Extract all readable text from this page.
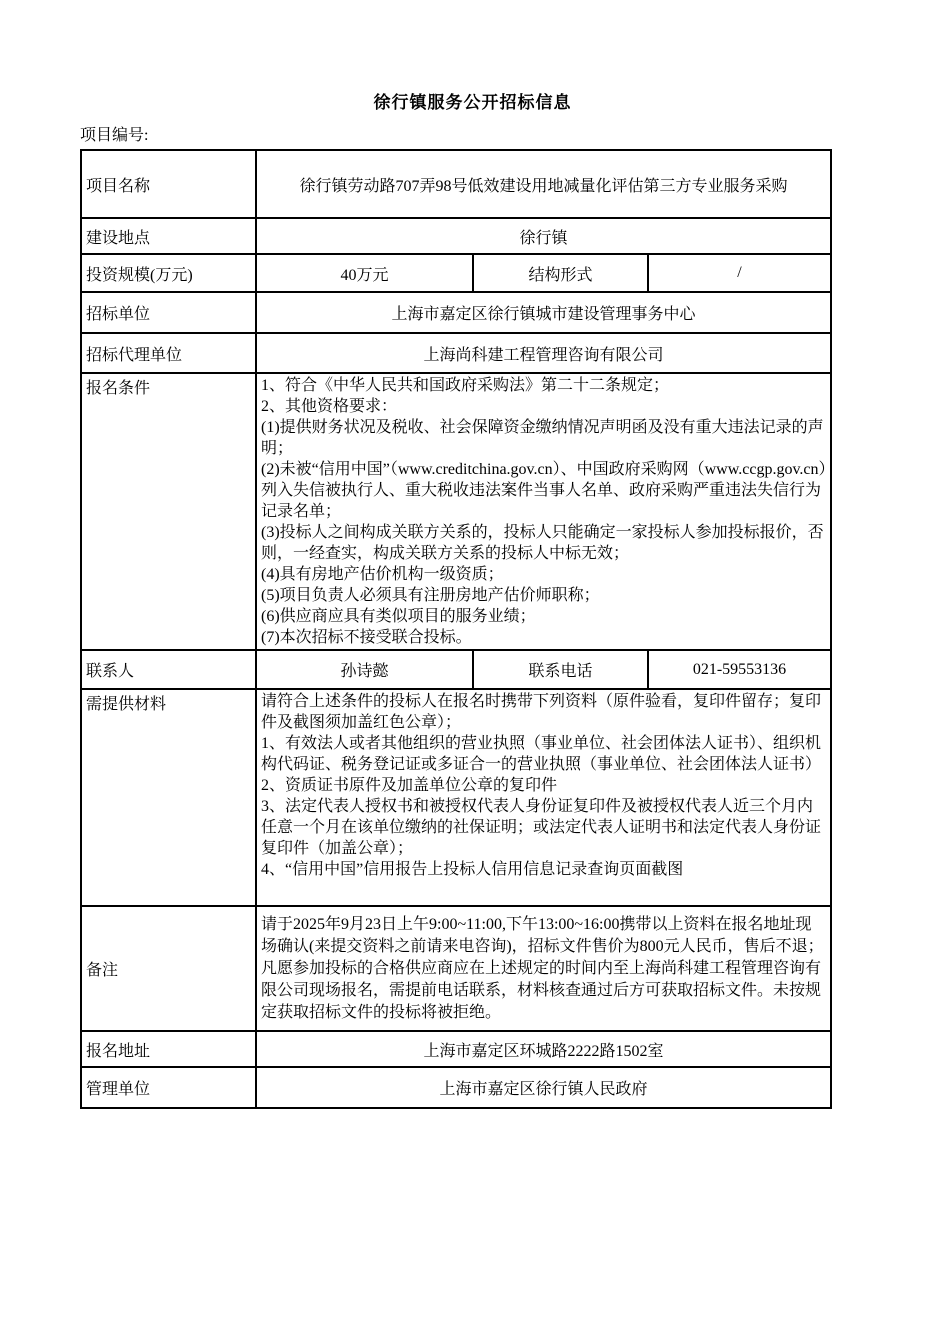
徐行镇服务公开招标信息
项目编号:
项目名称	徐行镇劳动路707弄98号低效建设用地减量化评估第三方专业服务采购		
建设地点	徐行镇		
投资规模(万元)	40万元	结构形式	/
招标单位	上海市嘉定区徐行镇城市建设管理事务中心		
招标代理单位	上海尚科建工程管理咨询有限公司		
报名条件	1、符合《中华人民共和国政府采购法》第二十二条规定；
2、其他资格要求：
(1)提供财务状况及税收、社会保障资金缴纳情况声明函及没有重大违法记录的声明；
(2)未被“信用中国”（www.creditchina.gov.cn）、中国政府采购网（www.ccgp.gov.cn）列入失信被执行人、重大税收违法案件当事人名单、政府采购严重违法失信行为记录名单；
(3)投标人之间构成关联方关系的，投标人只能确定一家投标人参加投标报价，否则，一经查实，构成关联方关系的投标人中标无效；
(4)具有房地产估价机构一级资质；
(5)项目负责人必须具有注册房地产估价师职称；
(6)供应商应具有类似项目的服务业绩；
(7)本次招标不接受联合投标。

联系人	孙诗懿	联系电话	021-59553136
需提供材料	请符合上述条件的投标人在报名时携带下列资料（原件验看，复印件留存；复印件及截图须加盖红色公章）；
1、有效法人或者其他组织的营业执照（事业单位、社会团体法人证书）、组织机构代码证、税务登记证或多证合一的营业执照（事业单位、社会团体法人证书）
2、资质证书原件及加盖单位公章的复印件
3、法定代表人授权书和被授权代表人身份证复印件及被授权代表人近三个月内任意一个月在该单位缴纳的社保证明；或法定代表人证明书和法定代表人身份证复印件（加盖公章）；
4、“信用中国”信用报告上投标人信用信息记录查询页面截图		

备注	请于2025年9月23日上午9:00~11:00,下午13:00~16:00携带以上资料在报名地址现场确认(来提交资料之前请来电咨询)，招标文件售价为800元人民币，售后不退；凡愿参加投标的合格供应商应在上述规定的时间内至上海尚科建工程管理咨询有限公司现场报名，需提前电话联系，材料核查通过后方可获取招标文件。未按规定获取招标文件的投标将被拒绝。		

报名地址	上海市嘉定区环城路2222路1502室		
管理单位	上海市嘉定区徐行镇人民政府		
